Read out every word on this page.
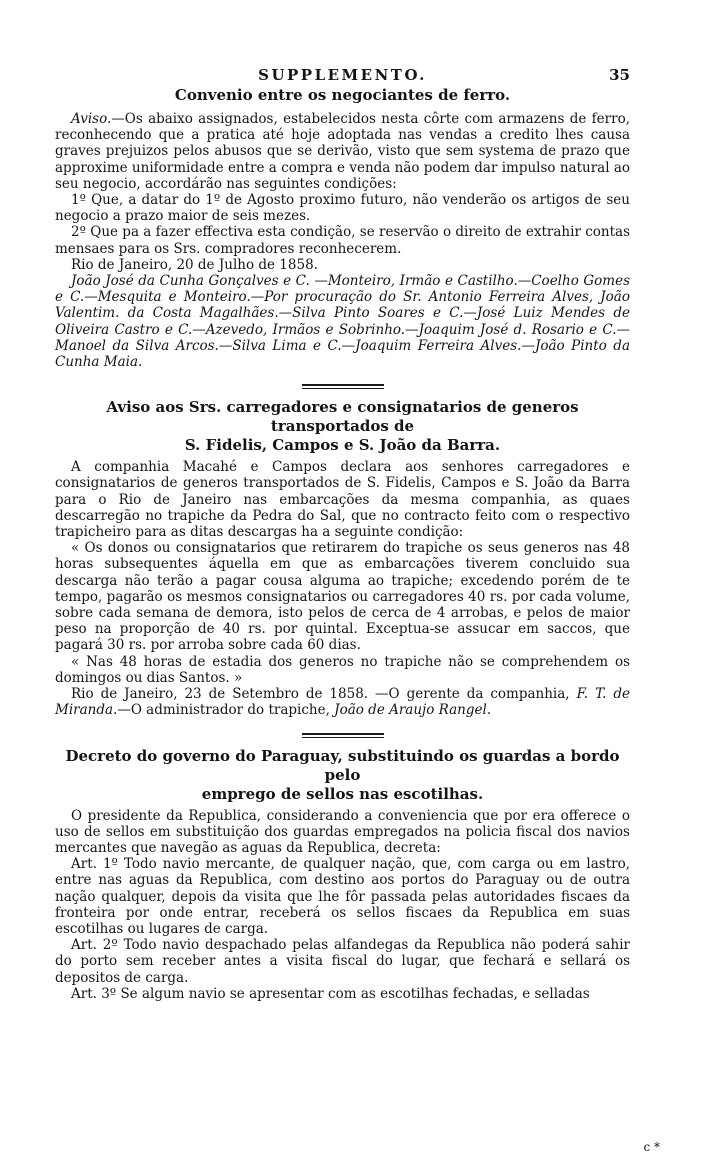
SUPPLEMENTO.	35
Convenio entre os negociantes de ferro.

Aviso.—Os abaixo assignados, estabelecidos nesta côrte com armazens de ferro, reconhecendo que a pratica até hoje adoptada nas vendas a credito lhes causa graves prejuizos pelos abusos que se derivão, visto que sem systema de prazo que approxime uniformidade entre a compra e venda não podem dar impulso natural ao seu negocio, accordárão nas seguintes condições:

1º Que, a datar do 1º de Agosto proximo futuro, não venderão os artigos de seu negocio a prazo maior de seis mezes.

2º Que pa a fazer effectiva esta condição, se reservão o direito de extrahir contas mensaes para os Srs. compradores reconhecerem.

Rio de Janeiro, 20 de Julho de 1858.

João José da Cunha Gonçalves e C. —Monteiro, Irmão e Castilho.—Coelho Gomes e C.—Mesquita e Monteiro.—Por procuração do Sr. Antonio Ferreira Alves, João Valentim. da Costa Magalhães.—Silva Pinto Soares e C.—José Luiz Mendes de Oliveira Castro e C.—Azevedo, Irmãos e Sobrinho.—Joaquim José d. Rosario e C.—Manoel da Silva Arcos.—Silva Lima e C.—Joaquim Ferreira Alves.—João Pinto da Cunha Maia.

Aviso aos Srs. carregadores e consignatarios de generos transportados de
S. Fidelis, Campos e S. João da Barra.

A companhia Macahé e Campos declara aos senhores carregadores e consignatarios de generos transportados de S. Fidelis, Campos e S. João da Barra para o Rio de Janeiro nas embarcações da mesma companhia, as quaes descarregão no trapiche da Pedra do Sal, que no contracto feito com o respectivo trapicheiro para as ditas descargas ha a seguinte condição:

« Os donos ou consignatarios que retirarem do trapiche os seus generos nas 48 horas subsequentes áquella em que as embarcações tiverem concluido sua descarga não terão a pagar cousa alguma ao trapiche; excedendo porém de te tempo, pagarão os mesmos consignatarios ou carregadores 40 rs. por cada volume, sobre cada semana de demora, isto pelos de cerca de 4 arrobas, e pelos de maior peso na proporção de 40 rs. por quintal. Exceptua-se assucar em saccos, que pagará 30 rs. por arroba sobre cada 60 dias.

« Nas 48 horas de estadia dos generos no trapiche não se comprehendem os domingos ou dias Santos. »

Rio de Janeiro, 23 de Setembro de 1858. —O gerente da companhia, F. T. de Miranda.—O administrador do trapiche, João de Araujo Rangel.

Decreto do governo do Paraguay, substituindo os guardas a bordo pelo
emprego de sellos nas escotilhas.

O presidente da Republica, considerando a conveniencia que por era offerece o uso de sellos em substituição dos guardas empregados na policia fiscal dos navios mercantes que navegão as aguas da Republica, decreta:

Art. 1º Todo navio mercante, de qualquer nação, que, com carga ou em lastro, entre nas aguas da Republica, com destino aos portos do Paraguay ou de outra nação qualquer, depois da visita que lhe fôr passada pelas autoridades fiscaes da fronteira por onde entrar, receberá os sellos fiscaes da Republica em suas escotilhas ou lugares de carga.

Art. 2º Todo navio despachado pelas alfandegas da Republica não poderá sahir do porto sem receber antes a visita fiscal do lugar, que fechará e sellará os depositos de carga.

Art. 3º Se algum navio se apresentar com as escotilhas fechadas, e selladas

c *
